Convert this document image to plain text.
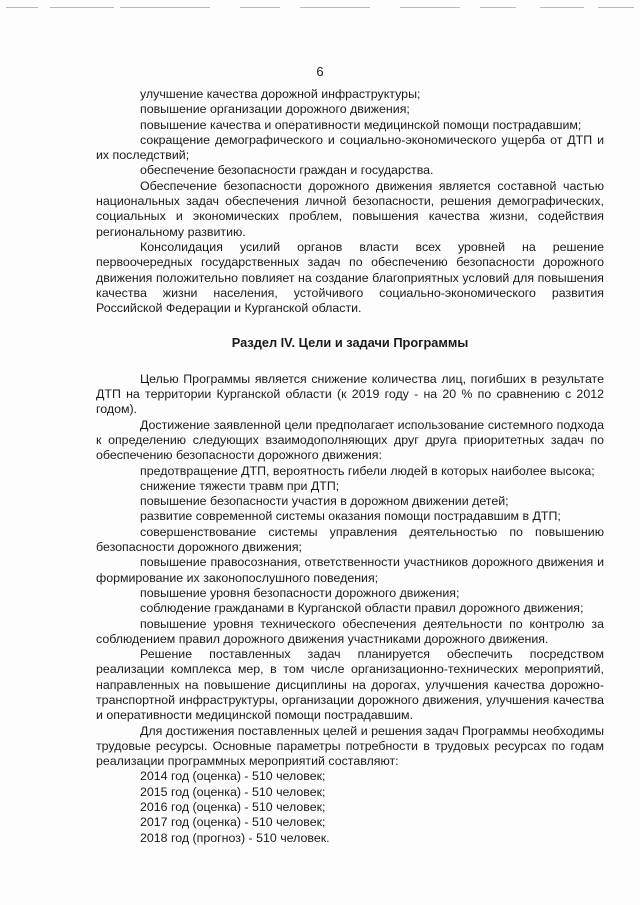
6

улучшение качества дорожной инфраструктуры;

повышение организации дорожного движения;

повышение качества и оперативности медицинской помощи пострадавшим;

сокращение демографического и социально-экономического ущерба от ДТП и их последствий;

обеспечение безопасности граждан и государства.

Обеспечение безопасности дорожного движения является составной частью национальных задач обеспечения личной безопасности, решения демографических, социальных и экономических проблем, повышения качества жизни, содействия региональному развитию.

Консолидация усилий органов власти всех уровней на решение первоочередных государственных задач по обеспечению безопасности дорожного движения положительно повлияет на создание благоприятных условий для повышения качества жизни населения, устойчивого социально-экономического развития Российской Федерации и Курганской области.

Раздел IV. Цели и задачи Программы

Целью Программы является снижение количества лиц, погибших в результате ДТП на территории Курганской области (к 2019 году - на 20 % по сравнению с 2012 годом).

Достижение заявленной цели предполагает использование системного подхода к определению следующих взаимодополняющих друг друга приоритетных задач по обеспечению безопасности дорожного движения:

предотвращение ДТП, вероятность гибели людей в которых наиболее высока;

снижение тяжести травм при ДТП;

повышение безопасности участия в дорожном движении детей;

развитие современной системы оказания помощи пострадавшим в ДТП;

совершенствование системы управления деятельностью по повышению безопасности дорожного движения;

повышение правосознания, ответственности участников дорожного движения и формирование их законопослушного поведения;

повышение уровня безопасности дорожного движения;

соблюдение гражданами в Курганской области правил дорожного движения;

повышение уровня технического обеспечения деятельности по контролю за соблюдением правил дорожного движения участниками дорожного движения.

Решение поставленных задач планируется обеспечить посредством реализации комплекса мер, в том числе организационно-технических мероприятий, направленных на повышение дисциплины на дорогах, улучшения качества дорожно-транспортной инфраструктуры, организации дорожного движения, улучшения качества и оперативности медицинской помощи пострадавшим.

Для достижения поставленных целей и решения задач Программы необходимы трудовые ресурсы. Основные параметры потребности в трудовых ресурсах по годам реализации программных мероприятий составляют:

2014 год (оценка) - 510 человек;

2015 год (оценка) - 510 человек;

2016 год (оценка) - 510 человек;

2017 год (оценка) - 510 человек;

2018 год (прогноз) - 510 человек.
